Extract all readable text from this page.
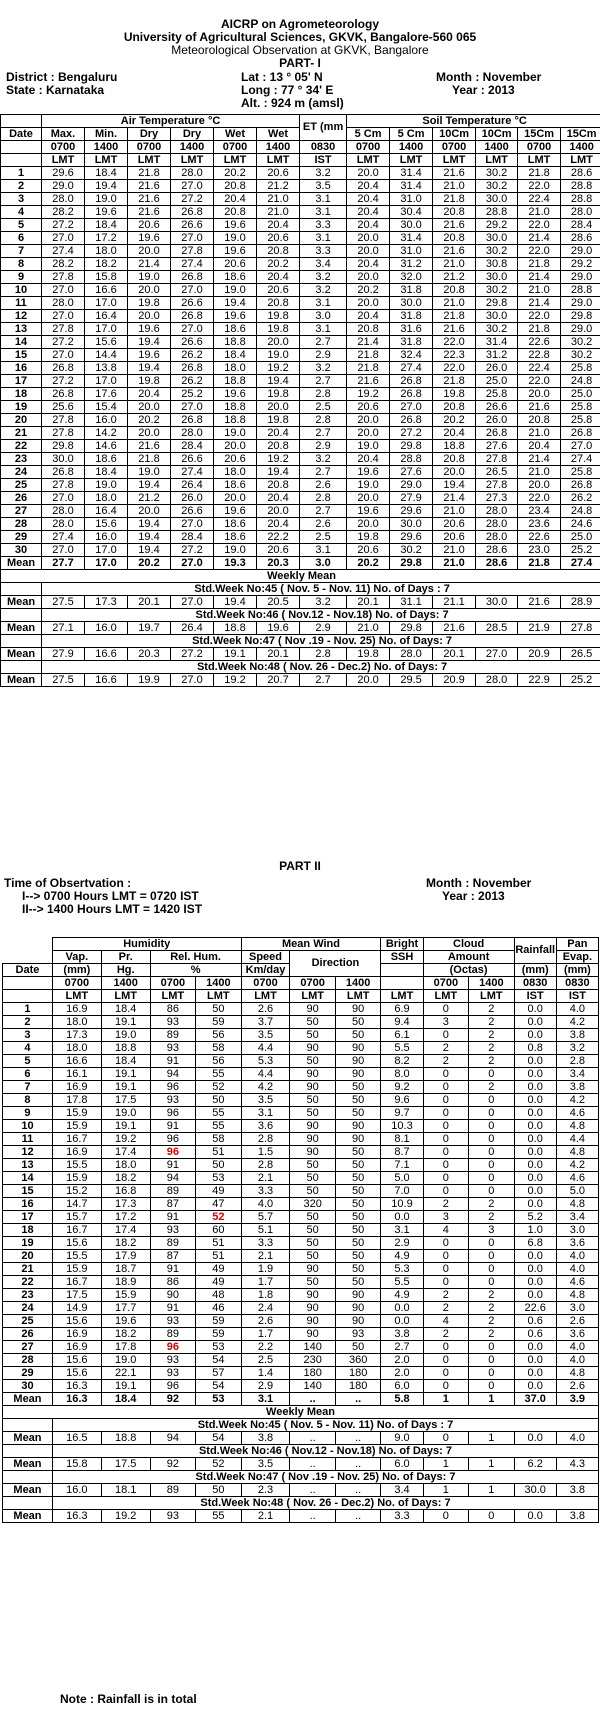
AICRP on Agrometeorology
University of Agricultural Sciences, GKVK, Bangalore-560 065
Meteorological Observation at GKVK, Bangalore
PART- I
District : Bengaluru
State : Karnataka
Lat : 13 ° 05' N
Long : 77 ° 34' E
Alt. : 924 m (amsl)
Month : November
Year : 2013
	Air Temperature °C						ET (mm	Soil Temperature °C					
Date	Max.	Min.	Dry	Dry	Wet	Wet		5 Cm	5 Cm	10Cm	10Cm	15Cm	15Cm
	0700	1400	0700	1400	0700	1400	0830	0700	1400	0700	1400	0700	1400
	LMT	LMT	LMT	LMT	LMT	LMT	IST	LMT	LMT	LMT	LMT	LMT	LMT
1	29.6	18.4	21.8	28.0	20.2	20.6	3.2	20.0	31.4	21.6	30.2	21.8	28.6
2	29.0	19.4	21.6	27.0	20.8	21.2	3.5	20.4	31.4	21.0	30.2	22.0	28.8
3	28.0	19.0	21.6	27.2	20.4	21.0	3.1	20.4	31.0	21.8	30.0	22.4	28.8
4	28.2	19.6	21.6	26.8	20.8	21.0	3.1	20.4	30.4	20.8	28.8	21.0	28.0
5	27.2	18.4	20.6	26.6	19.6	20.4	3.3	20.4	30.0	21.6	29.2	22.0	28.4
6	27.0	17.2	19.6	27.0	19.0	20.6	3.1	20.0	31.4	20.8	30.0	21.4	28.6
7	27.4	18.0	20.0	27.8	19.6	20.8	3.3	20.0	31.0	21.6	30.2	22.0	29.0
8	28.2	18.2	21.4	27.4	20.6	20.2	3.4	20.4	31.2	21.0	30.8	21.8	29.2
9	27.8	15.8	19.0	26.8	18.6	20.4	3.2	20.0	32.0	21.2	30.0	21.4	29.0
10	27.0	16.6	20.0	27.0	19.0	20.6	3.2	20.2	31.8	20.8	30.2	21.0	28.8
11	28.0	17.0	19.8	26.6	19.4	20.8	3.1	20.0	30.0	21.0	29.8	21.4	29.0
12	27.0	16.4	20.0	26.8	19.6	19.8	3.0	20.4	31.8	21.8	30.0	22.0	29.8
13	27.8	17.0	19.6	27.0	18.6	19.8	3.1	20.8	31.6	21.6	30.2	21.8	29.0
14	27.2	15.6	19.4	26.6	18.8	20.0	2.7	21.4	31.8	22.0	31.4	22.6	30.2
15	27.0	14.4	19.6	26.2	18.4	19.0	2.9	21.8	32.4	22.3	31.2	22.8	30.2
16	26.8	13.8	19.4	26.8	18.0	19.2	3.2	21.8	27.4	22.0	26.0	22.4	25.8
17	27.2	17.0	19.8	26.2	18.8	19.4	2.7	21.6	26.8	21.8	25.0	22.0	24.8
18	26.8	17.6	20.4	25.2	19.6	19.8	2.8	19.2	26.8	19.8	25.8	20.0	25.0
19	25.6	15.4	20.0	27.0	18.8	20.0	2.5	20.6	27.0	20.8	26.6	21.6	25.8
20	27.8	16.0	20.2	26.8	18.8	19.8	2.8	20.0	26.8	20.2	26.0	20.8	25.8
21	27.8	14.2	20.0	28.0	19.0	20.4	2.7	20.0	27.2	20.4	26.8	21.0	26.8
22	29.8	14.6	21.6	28.4	20.0	20.8	2.9	19.0	29.8	18.8	27.6	20.4	27.0
23	30.0	18.6	21.8	26.6	20.6	19.2	3.2	20.4	28.8	20.8	27.8	21.4	27.4
24	26.8	18.4	19.0	27.4	18.0	19.4	2.7	19.6	27.6	20.0	26.5	21.0	25.8
25	27.8	19.0	19.4	26.4	18.6	20.8	2.6	19.0	29.0	19.4	27.8	20.0	26.8
26	27.0	18.0	21.2	26.0	20.0	20.4	2.8	20.0	27.9	21.4	27.3	22.0	26.2
27	28.0	16.4	20.0	26.6	19.6	20.0	2.7	19.6	29.6	21.0	28.0	23.4	24.8
28	28.0	15.6	19.4	27.0	18.6	20.4	2.6	20.0	30.0	20.6	28.0	23.6	24.6
29	27.4	16.0	19.4	28.4	18.6	22.2	2.5	19.8	29.6	20.6	28.0	22.6	25.0
30	27.0	17.0	19.4	27.2	19.0	20.6	3.1	20.6	30.2	21.0	28.6	23.0	25.2
Mean	27.7	17.0	20.2	27.0	19.3	20.3	3.0	20.2	29.8	21.0	28.6	21.8	27.4
Weekly Mean													
	Std.Week No:45 ( Nov. 5 - Nov. 11) No. of Days : 7												
Mean	27.5	17.3	20.1	27.0	19.4	20.5	3.2	20.1	31.1	21.1	30.0	21.6	28.9
	Std.Week No:46 ( Nov.12 - Nov.18) No. of Days: 7												
Mean	27.1	16.0	19.7	26.4	18.8	19.6	2.9	21.0	29.8	21.6	28.5	21.9	27.8
	Std.Week No:47 ( Nov .19 - Nov. 25) No. of Days: 7												
Mean	27.9	16.6	20.3	27.2	19.1	20.1	2.8	19.8	28.0	20.1	27.0	20.9	26.5
	Std.Week No:48 ( Nov. 26 - Dec.2) No. of Days: 7												
Mean	27.5	16.6	19.9	27.0	19.2	20.7	2.7	20.0	29.5	20.9	28.0	22.9	25.2
PART II
Time of Obsertvation :
I--> 0700 Hours LMT = 0720 IST
II--> 1400 Hours LMT = 1420 IST
Month : November
Year : 2013
	Humidity				Mean Wind			Bright	Cloud		Rainfall	Pan
	Vap.	Pr.	Rel. Hum.		Speed	Direction		SSH	Amount			Evap.
Date	(mm)	Hg.	%		Km/day				(Octas)		(mm)	(mm)
	0700	1400	0700	1400	0700	0700	1400		0700	1400	0830	0830
	LMT	LMT	LMT	LMT	LMT	LMT	LMT	LMT	LMT	LMT	IST	IST
1	16.9	18.4	86	50	2.6	90	90	6.9	0	2	0.0	4.0
2	18.0	19.1	93	59	3.7	50	50	9.4	3	2	0.0	4.2
3	17.3	19.0	89	56	3.5	50	50	6.1	0	2	0.0	3.8
4	18.0	18.8	93	58	4.4	90	90	5.5	2	2	0.8	3.2
5	16.6	18.4	91	56	5.3	50	90	8.2	2	2	0.0	2.8
6	16.1	19.1	94	55	4.4	90	90	8.0	0	0	0.0	3.4
7	16.9	19.1	96	52	4.2	90	50	9.2	0	2	0.0	3.8
8	17.8	17.5	93	50	3.5	50	50	9.6	0	0	0.0	4.2
9	15.9	19.0	96	55	3.1	50	50	9.7	0	0	0.0	4.6
10	15.9	19.1	91	55	3.6	90	90	10.3	0	0	0.0	4.8
11	16.7	19.2	96	58	2.8	90	90	8.1	0	0	0.0	4.4
12	16.9	17.4	96	51	1.5	90	50	8.7	0	0	0.0	4.8
13	15.5	18.0	91	50	2.8	50	50	7.1	0	0	0.0	4.2
14	15.9	18.2	94	53	2.1	50	50	5.0	0	0	0.0	4.6
15	15.2	16.8	89	49	3.3	50	50	7.0	0	0	0.0	5.0
16	14.7	17.3	87	47	4.0	320	50	10.9	2	2	0.0	4.8
17	15.7	17.2	91	52	5.7	50	50	0.0	3	2	5.2	3.4
18	16.7	17.4	93	60	5.1	50	50	3.1	4	3	1.0	3.0
19	15.6	18.2	89	51	3.3	50	50	2.9	0	0	6.8	3.6
20	15.5	17.9	87	51	2.1	50	50	4.9	0	0	0.0	4.0
21	15.9	18.7	91	49	1.9	90	50	5.3	0	0	0.0	4.0
22	16.7	18.9	86	49	1.7	50	50	5.5	0	0	0.0	4.6
23	17.5	15.9	90	48	1.8	90	90	4.9	2	2	0.0	4.8
24	14.9	17.7	91	46	2.4	90	90	0.0	2	2	22.6	3.0
25	15.6	19.6	93	59	2.6	90	90	0.0	4	2	0.6	2.6
26	16.9	18.2	89	59	1.7	90	93	3.8	2	2	0.6	3.6
27	16.9	17.8	96	53	2.2	140	50	2.7	0	0	0.0	4.0
28	15.6	19.0	93	54	2.5	230	360	2.0	0	0	0.0	4.0
29	15.6	22.1	93	57	1.4	180	180	2.0	0	0	0.0	4.8
30	16.3	19.1	96	54	2.9	140	180	6.0	0	0	0.0	2.6
Mean	16.3	18.4	92	53	3.1	..	..	5.8	1	1	37.0	3.9
Weekly Mean												
	Std.Week No:45 ( Nov. 5 - Nov. 11) No. of Days : 7											
Mean	16.5	18.8	94	54	3.8	..	..	9.0	0	1	0.0	4.0
	Std.Week No:46 ( Nov.12 - Nov.18) No. of Days: 7											
Mean	15.8	17.5	92	52	3.5	..	..	6.0	1	1	6.2	4.3
	Std.Week No:47 ( Nov .19 - Nov. 25) No. of Days: 7											
Mean	16.0	18.1	89	50	2.3	..	..	3.4	1	1	30.0	3.8
	Std.Week No:48 ( Nov. 26 - Dec.2) No. of Days: 7											
Mean	16.3	19.2	93	55	2.1	..	..	3.3	0	0	0.0	3.8
Note : Rainfall is in total
